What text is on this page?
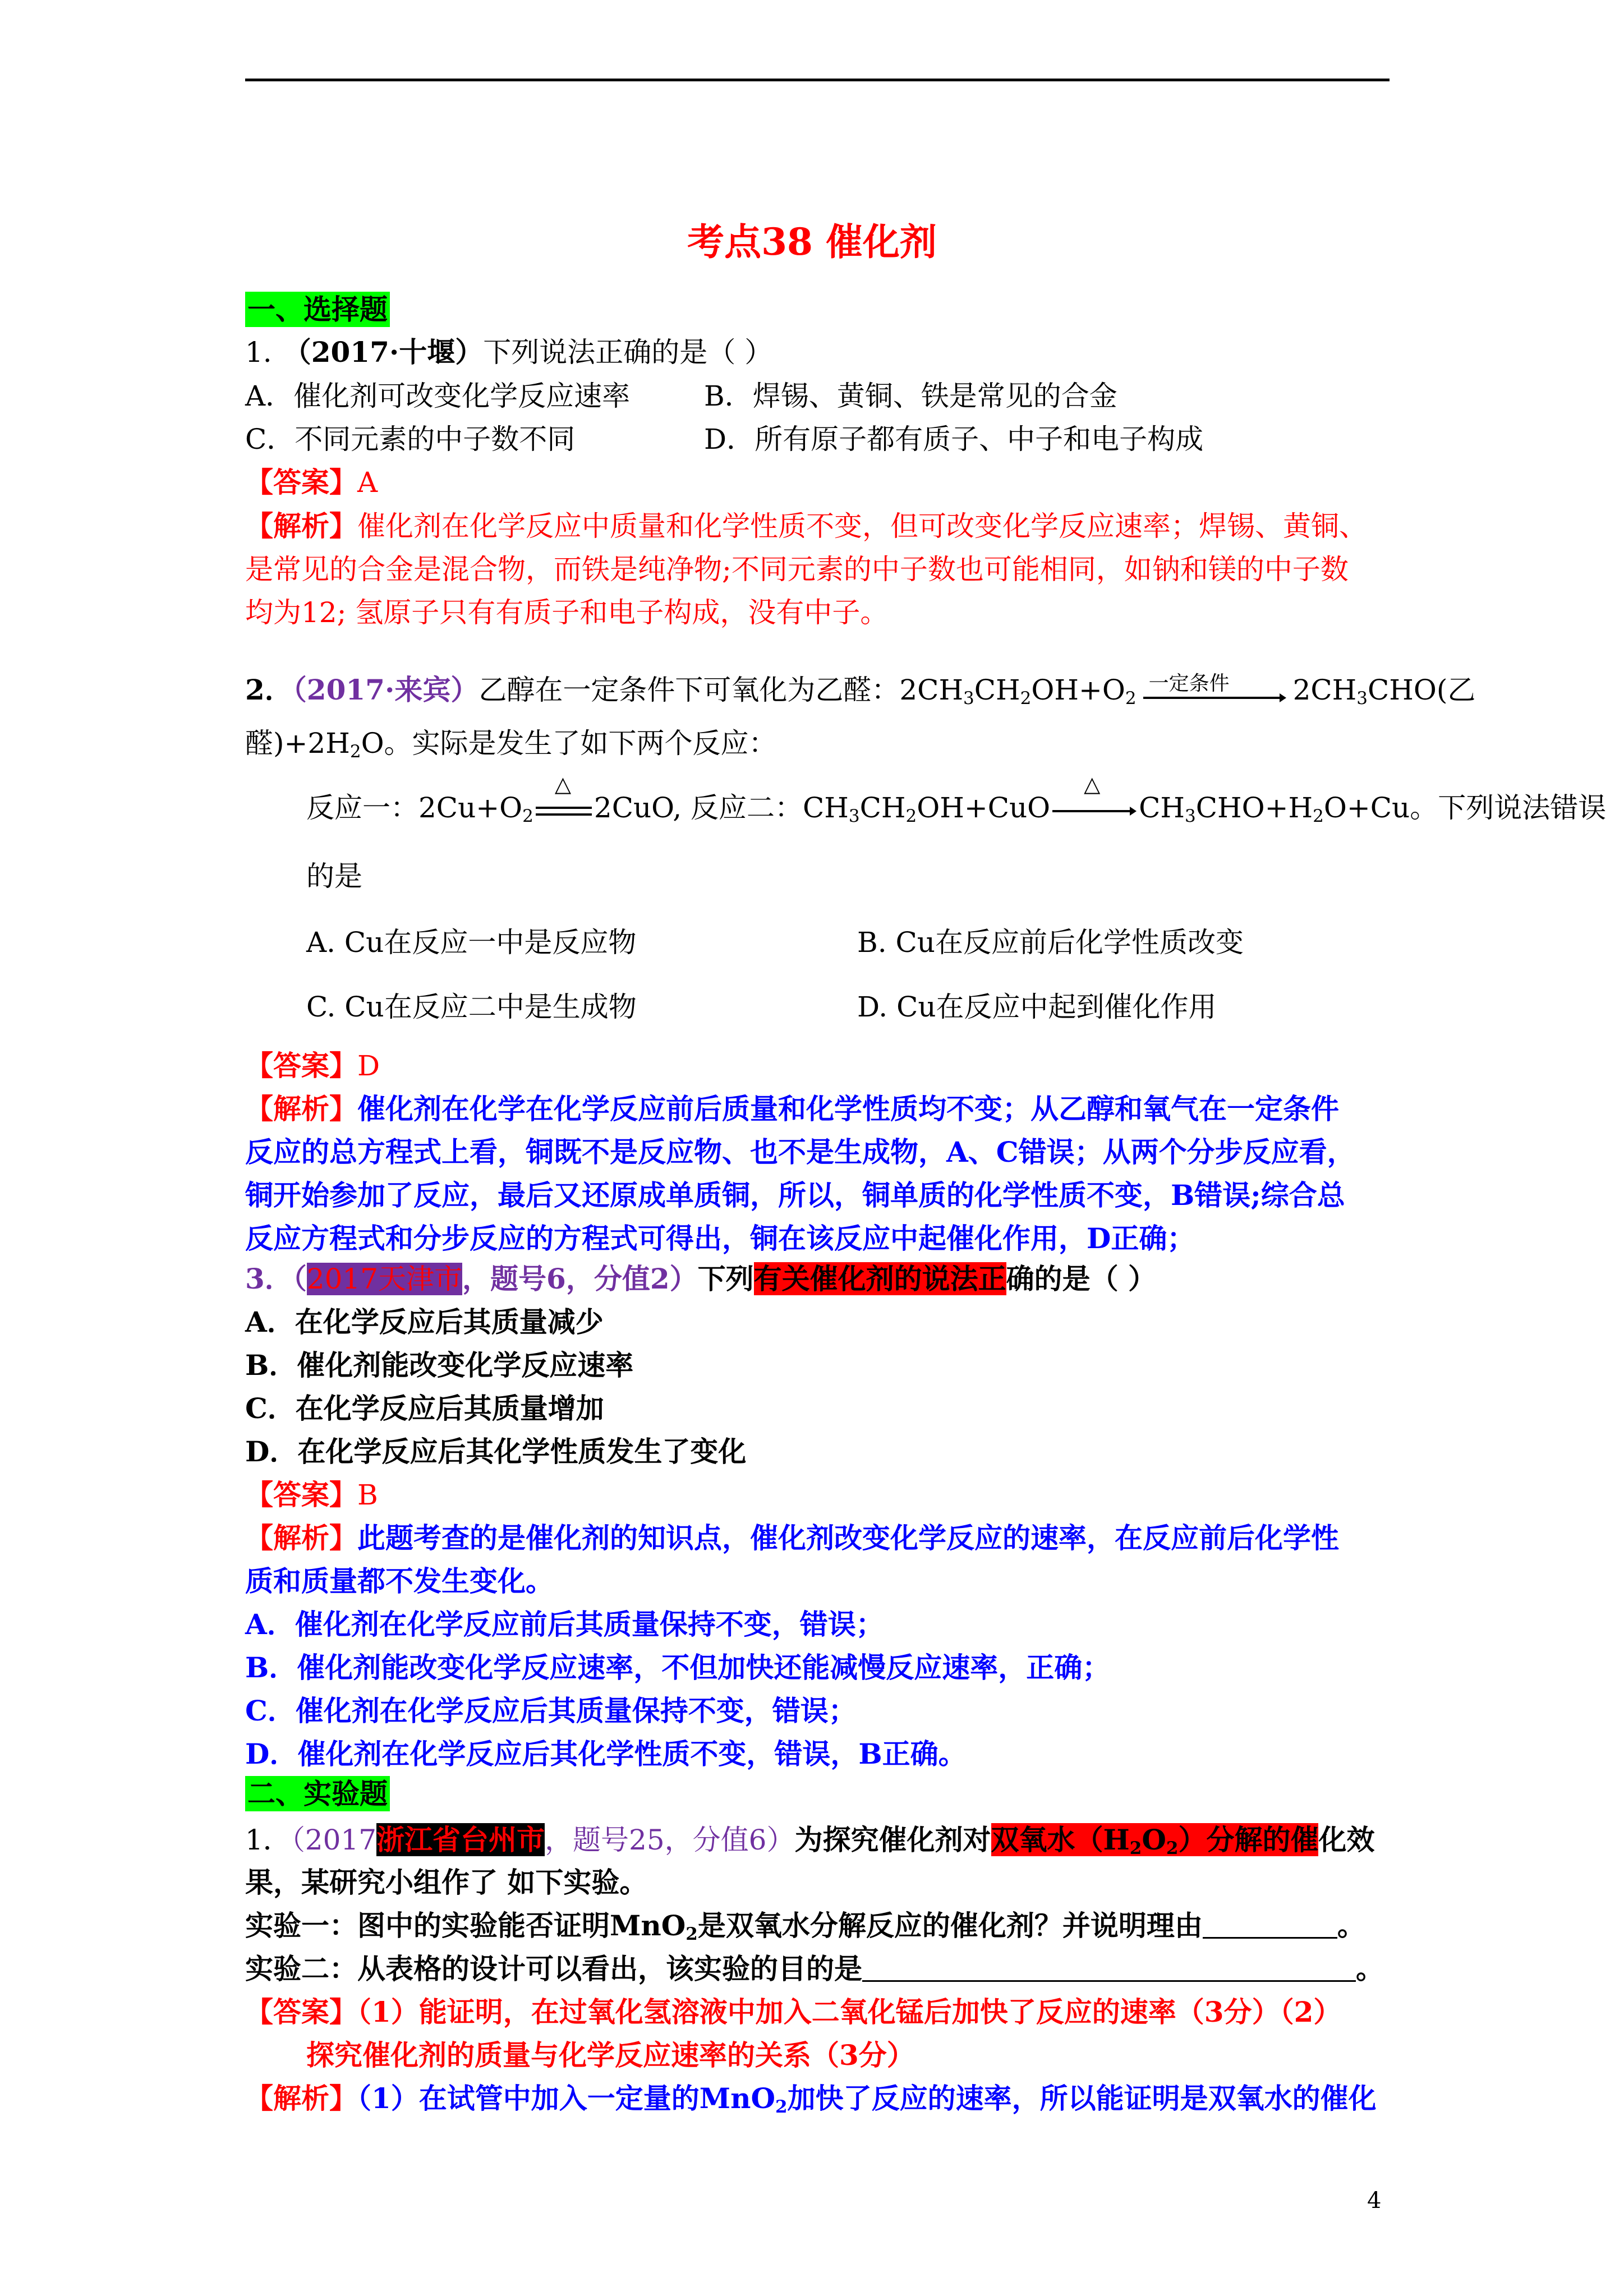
考点38 催化剂
一、选择题
1. （2017·十堰）下列说法正确的是（ ）
A．催化剂可改变化学反应速率	B．焊锡、黄铜、铁是常见的合金
C．不同元素的中子数不同	D．所有原子都有质子、中子和电子构成
【答案】A
【解析】催化剂在化学反应中质量和化学性质不变，但可改变化学反应速率；焊锡、黄铜、
是常见的合金是混合物，而铁是纯净物;不同元素的中子数也可能相同，如钠和镁的中子数
均为12; 氢原子只有有质子和电子构成，没有中子。
2．（2017·来宾）乙醇在一定条件下可氧化为乙醛：$2CH_3CH_2OH+O_2$
一定条件 $2CH_3CHO$(乙
醛)$+2H_2O$。实际是发生了如下两个反应：
反应一：$2Cu+O_2$
△
2CuO, 反应二：$CH_3CH_2OH+CuO$
△
$CH_3CHO+H_2O+Cu$。下列说法错误
的是
A. Cu在反应一中是反应物	B. Cu在反应前后化学性质改变
C. Cu在反应二中是生成物	D. Cu在反应中起到催化作用
【答案】D
【解析】催化剂在化学在化学反应前后质量和化学性质均不变；从乙醇和氧气在一定条件
反应的总方程式上看，铜既不是反应物、也不是生成物，A、C错误；从两个分步反应看，
铜开始参加了反应，最后又还原成单质铜，所以，铜单质的化学性质不变，B错误;综合总
反应方程式和分步反应的方程式可得出，铜在该反应中起催化作用，D正确；
3．（2017天津市，题号6，分值2）下列有关催化剂的说法正确的是（ ）
A．在化学反应后其质量减少
B．催化剂能改变化学反应速率
C．在化学反应后其质量增加
D．在化学反应后其化学性质发生了变化
【答案】B
【解析】此题考查的是催化剂的知识点，催化剂改变化学反应的速率，在反应前后化学性
质和质量都不发生变化。
A．催化剂在化学反应前后其质量保持不变，错误；
B．催化剂能改变化学反应速率，不但加快还能减慢反应速率，正确；
C．催化剂在化学反应后其质量保持不变，错误；
D．催化剂在化学反应后其化学性质不变，错误，B正确。
二、实验题
1．（2017浙江省台州市，题号25，分值6）为探究催化剂对双氧水$(H_2O_2)$分解的催化效
果，某研究小组作了 如下实验。
实验一：图中的实验能否证明MnO$_2$是双氧水分解反应的催化剂？并说明理由	。
实验二：从表格的设计可以看出，该实验的目的是	。
【答案】（1）能证明，在过氧化氢溶液中加入二氧化锰后加快了反应的速率（3分）（2）
探究催化剂的质量与化学反应速率的关系（3分）
【解析】（1）在试管中加入一定量的MnO$_2$加快了反应的速率，所以能证明是双氧水的催化
4
